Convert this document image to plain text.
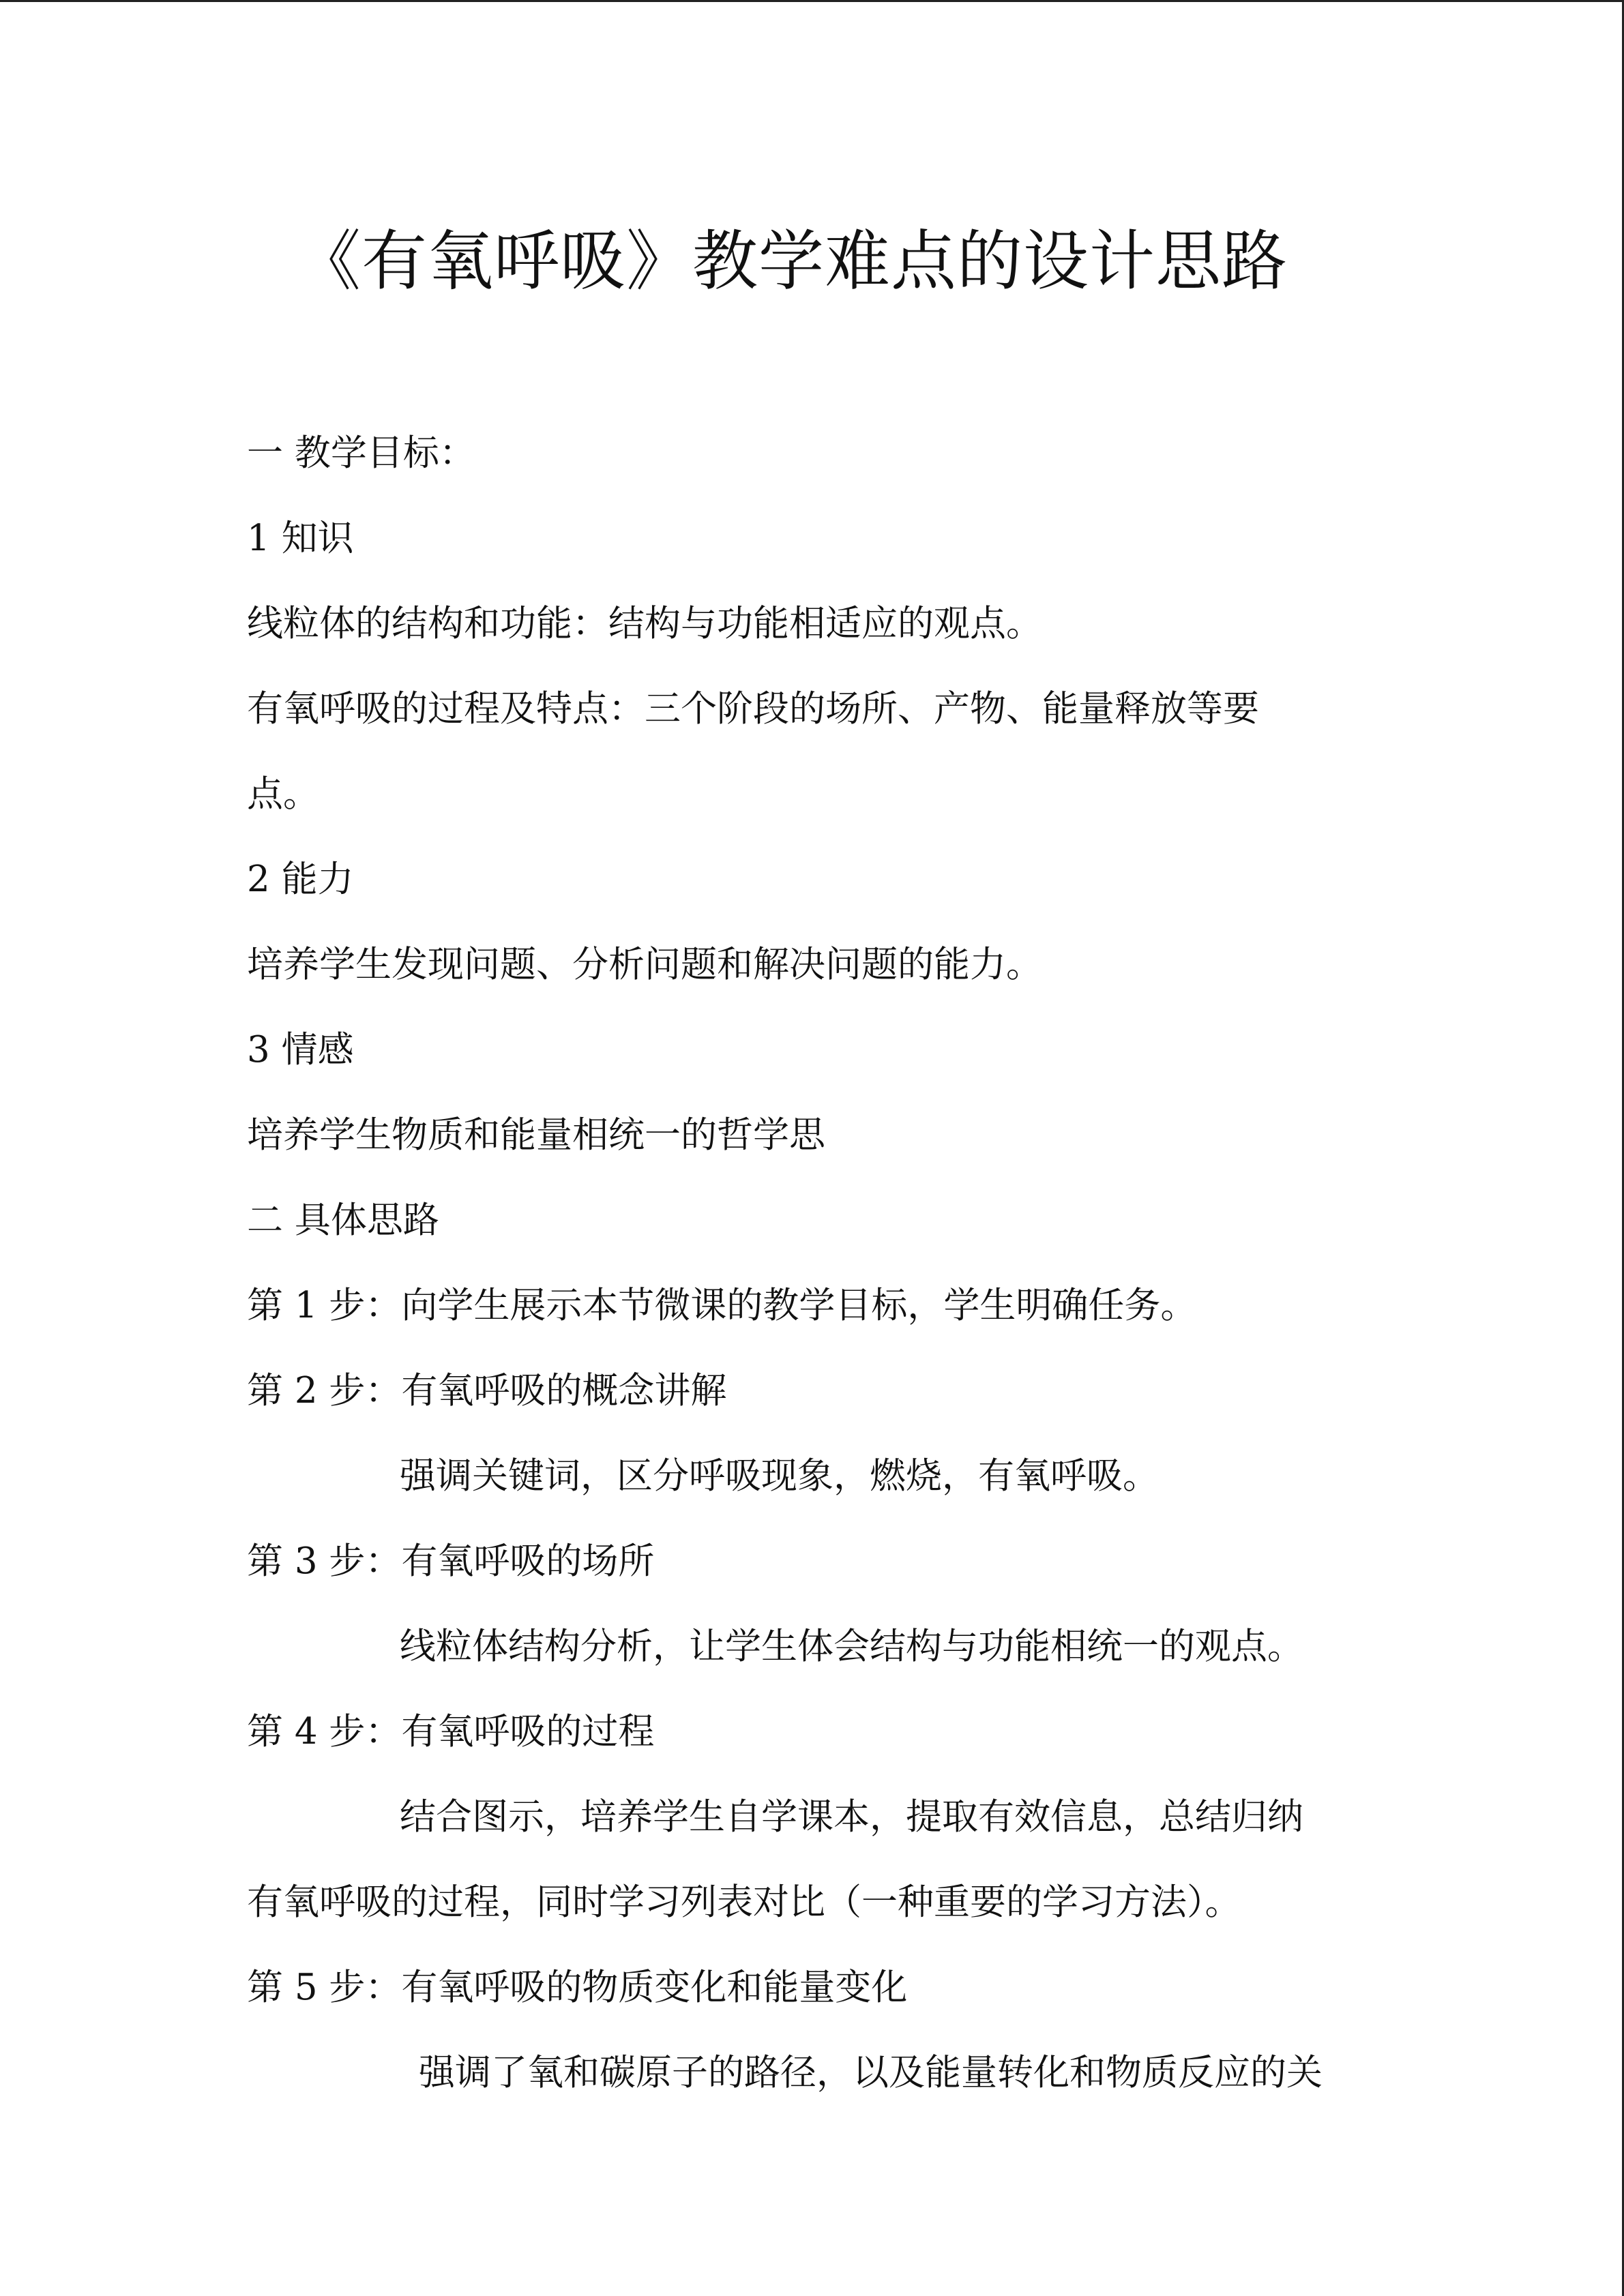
《有氧呼吸》教学难点的设计思路
一 教学目标：
1 知识
线粒体的结构和功能：结构与功能相适应的观点。
有氧呼吸的过程及特点：三个阶段的场所、产物、能量释放等要
点。
2 能力
培养学生发现问题、分析问题和解决问题的能力。
3 情感
培养学生物质和能量相统一的哲学思
二 具体思路
第 1 步：向学生展示本节微课的教学目标，学生明确任务。
第 2 步：有氧呼吸的概念讲解
强调关键词，区分呼吸现象，燃烧，有氧呼吸。
第 3 步：有氧呼吸的场所
线粒体结构分析，让学生体会结构与功能相统一的观点。
第 4 步：有氧呼吸的过程
结合图示，培养学生自学课本，提取有效信息，总结归纳
有氧呼吸的过程，同时学习列表对比（一种重要的学习方法）。
第 5 步：有氧呼吸的物质变化和能量变化
强调了氧和碳原子的路径，以及能量转化和物质反应的关
